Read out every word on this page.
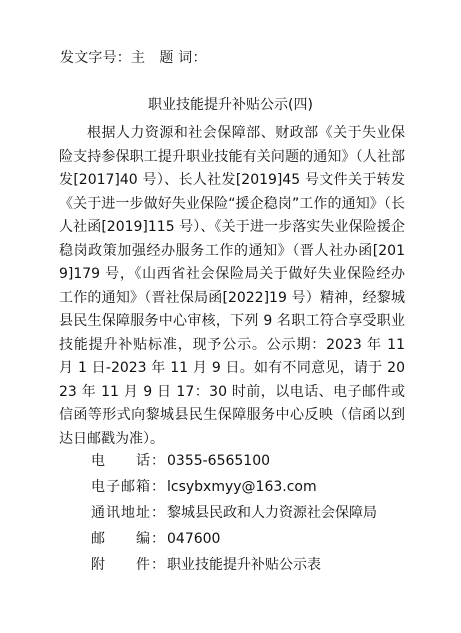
发文字号：主　题 词：
职业技能提升补贴公示(四)
根据人力资源和社会保障部、财政部《关于失业保险支持参保职工提升职业技能有关问题的通知》（人社部发[2017]40 号）、长人社发[2019]45 号文件关于转发《关于进一步做好失业保险“援企稳岗”工作的通知》（长人社函[2019]115 号）、《关于进一步落实失业保险援企稳岗政策加强经办服务工作的通知》（晋人社办函[2019]179 号，《山西省社会保险局关于做好失业保险经办工作的通知》（晋社保局函[2022]19 号）精神，经黎城县民生保障服务中心审核，下列 9 名职工符合享受职业技能提升补贴标准，现予公示。公示期：2023 年 11 月 1 日-2023 年 11 月 9 日。如有不同意见，请于 2023 年 11 月 9 日 17：30 时前，以电话、电子邮件或信函等形式向黎城县民生保障服务中心反映（信函以到达日邮戳为准）。
电　　话： 0355-6565100
电子邮箱： lcsybxmyy@163.com
通讯地址： 黎城县民政和人力资源社会保障局
邮　　编： 047600
附　　件： 职业技能提升补贴公示表
